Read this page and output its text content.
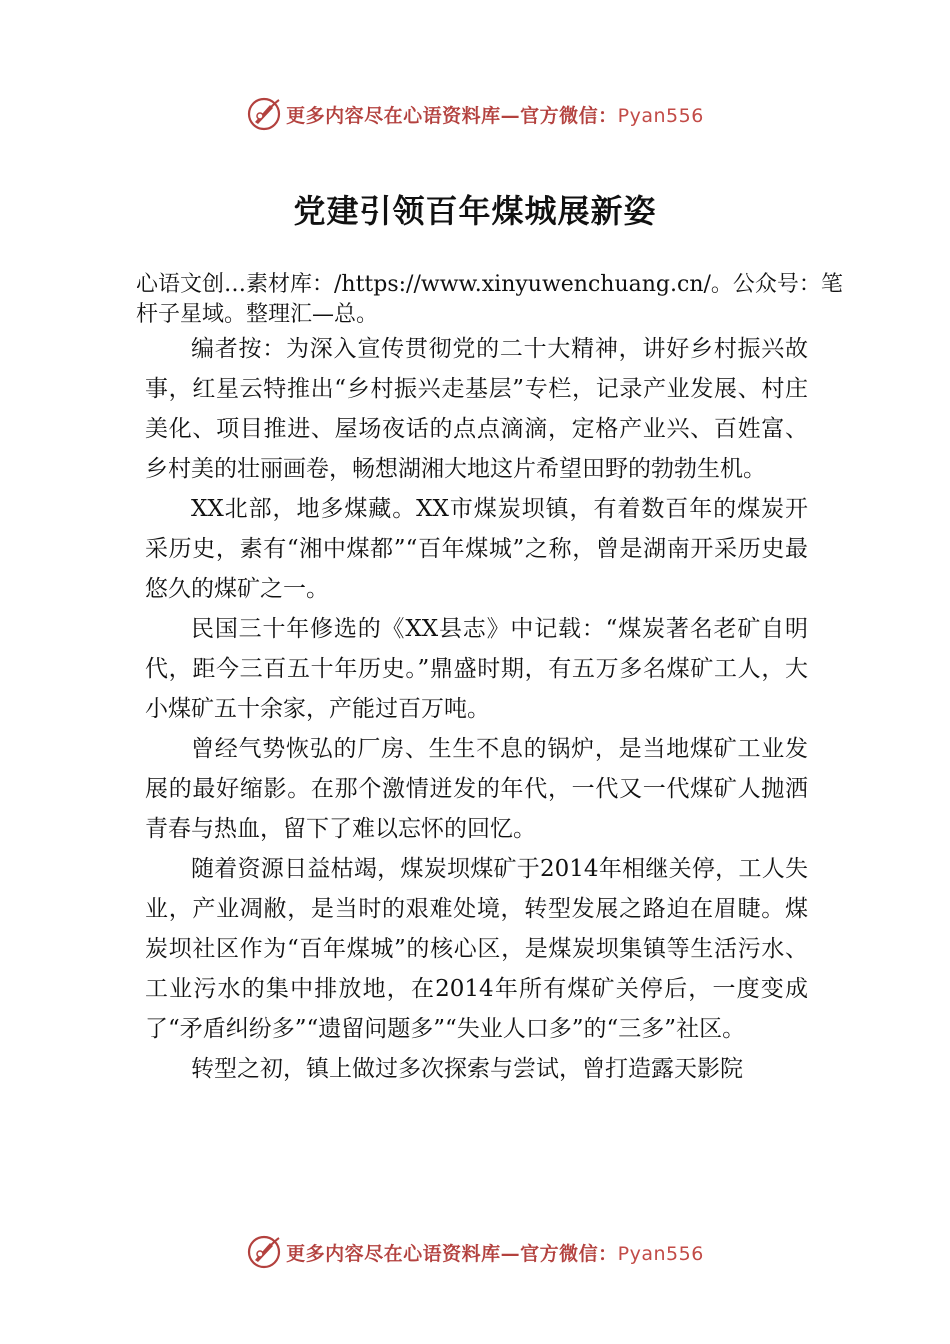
更多内容尽在心语资料库—官方微信：Pyan556
党建引领百年煤城展新姿

心语文创…素材库：/https://www.xinyuwenchuang.cn/。公众号：笔杆子星域。整理汇—总。

编者按：为深入宣传贯彻党的二十大精神，讲好乡村振兴故事，红星云特推出“乡村振兴走基层”专栏，记录产业发展、村庄美化、项目推进、屋场夜话的点点滴滴，定格产业兴、百姓富、乡村美的壮丽画卷，畅想湖湘大地这片希望田野的勃勃生机。

XX北部，地多煤藏。XX市煤炭坝镇，有着数百年的煤炭开采历史，素有“湘中煤都”“百年煤城”之称，曾是湖南开采历史最悠久的煤矿之一。

民国三十年修选的《XX县志》中记载：“煤炭著名老矿自明代，距今三百五十年历史。”鼎盛时期，有五万多名煤矿工人，大小煤矿五十余家，产能过百万吨。

曾经气势恢弘的厂房、生生不息的锅炉，是当地煤矿工业发展的最好缩影。在那个激情迸发的年代，一代又一代煤矿人抛洒青春与热血，留下了难以忘怀的回忆。

随着资源日益枯竭，煤炭坝煤矿于2014年相继关停，工人失业，产业凋敝，是当时的艰难处境，转型发展之路迫在眉睫。煤炭坝社区作为“百年煤城”的核心区，是煤炭坝集镇等生活污水、工业污水的集中排放地，在2014年所有煤矿关停后，一度变成了“矛盾纠纷多”“遗留问题多”“失业人口多”的“三多”社区。

转型之初，镇上做过多次探索与尝试，曾打造露天影院

更多内容尽在心语资料库—官方微信：Pyan556
